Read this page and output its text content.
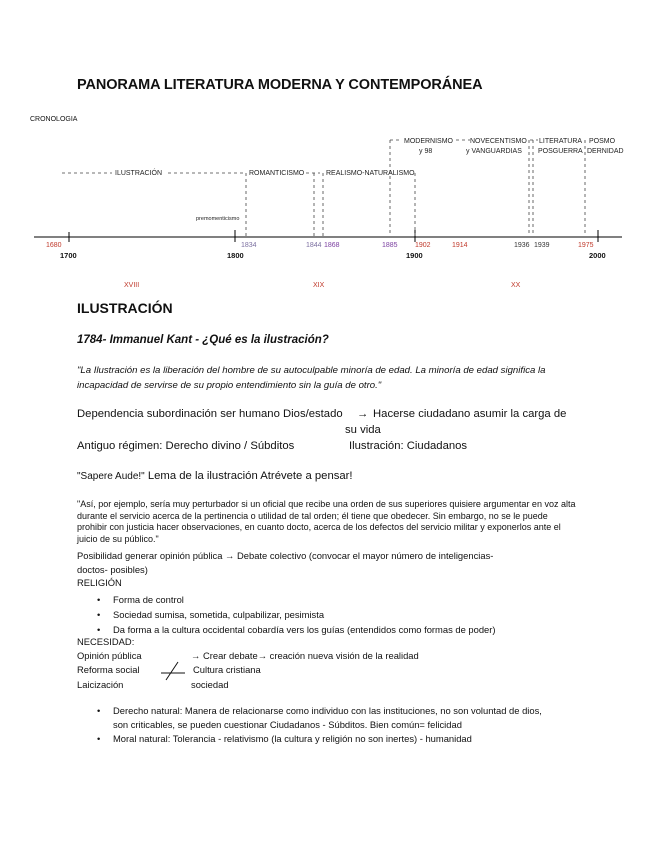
PANORAMA LITERATURA MODERNA Y CONTEMPORÁNEA
CRONOLOGIA
MODERNISMO
y 98
NOVECENTISMO
y VANGUARDIAS
LITERATURA
POSGUERRA
POSMO
DERNIDAD
ILUSTRACIÓN	ROMANTICISMO	REALISMO-NATURALISMO
premomenticismo
1680	1834	1844 1868	1885 1902	1914	1936 1939	1975
1700	1800	1900	2000
XVIII	XIX	XX
ILUSTRACIÓN
1784- Immanuel Kant - ¿Qué es la ilustración?
"La Ilustración es la liberación del hombre de su autoculpable minoría de edad. La minoría de edad significa la incapacidad de servirse de su propio entendimiento sin la guía de otro."
Dependencia subordinación ser humano Dios/estado → Hacerse ciudadano asumir la carga de
su vida
Antiguo régimen: Derecho divino / Súbditos	Ilustración: Ciudadanos
"Sapere Aude!" Lema de la ilustración Atrévete a pensar!
"Así, por ejemplo, sería muy perturbador si un oficial que recibe una orden de sus superiores quisiere argumentar en voz alta durante el servicio acerca de la pertinencia o utilidad de tal orden; él tiene que obedecer. Sin embargo, no se le puede prohibir con justicia hacer observaciones, en cuanto docto, acerca de los defectos del servicio militar y exponerlos ante el juicio de su público."
Posibilidad generar opinión pública → Debate colectivo (convocar el mayor número de inteligencias-doctos- posibles)
RELIGIÓN
• Forma de control
• Sociedad sumisa, sometida, culpabilizar, pesimista
• Da forma a la cultura occidental cobardía vers los guías (entendidos como formas de poder)
NECESIDAD:
Opinión pública	→ Crear debate→ creación nueva visión de la realidad
Reforma social	Cultura cristiana
Laicización	sociedad
• Derecho natural: Manera de relacionarse como individuo con las instituciones, no son voluntad de dios, son criticables, se pueden cuestionar Ciudadanos - Súbditos. Bien común= felicidad
• Moral natural: Tolerancia - relativismo (la cultura y religión no son inertes) - humanidad
